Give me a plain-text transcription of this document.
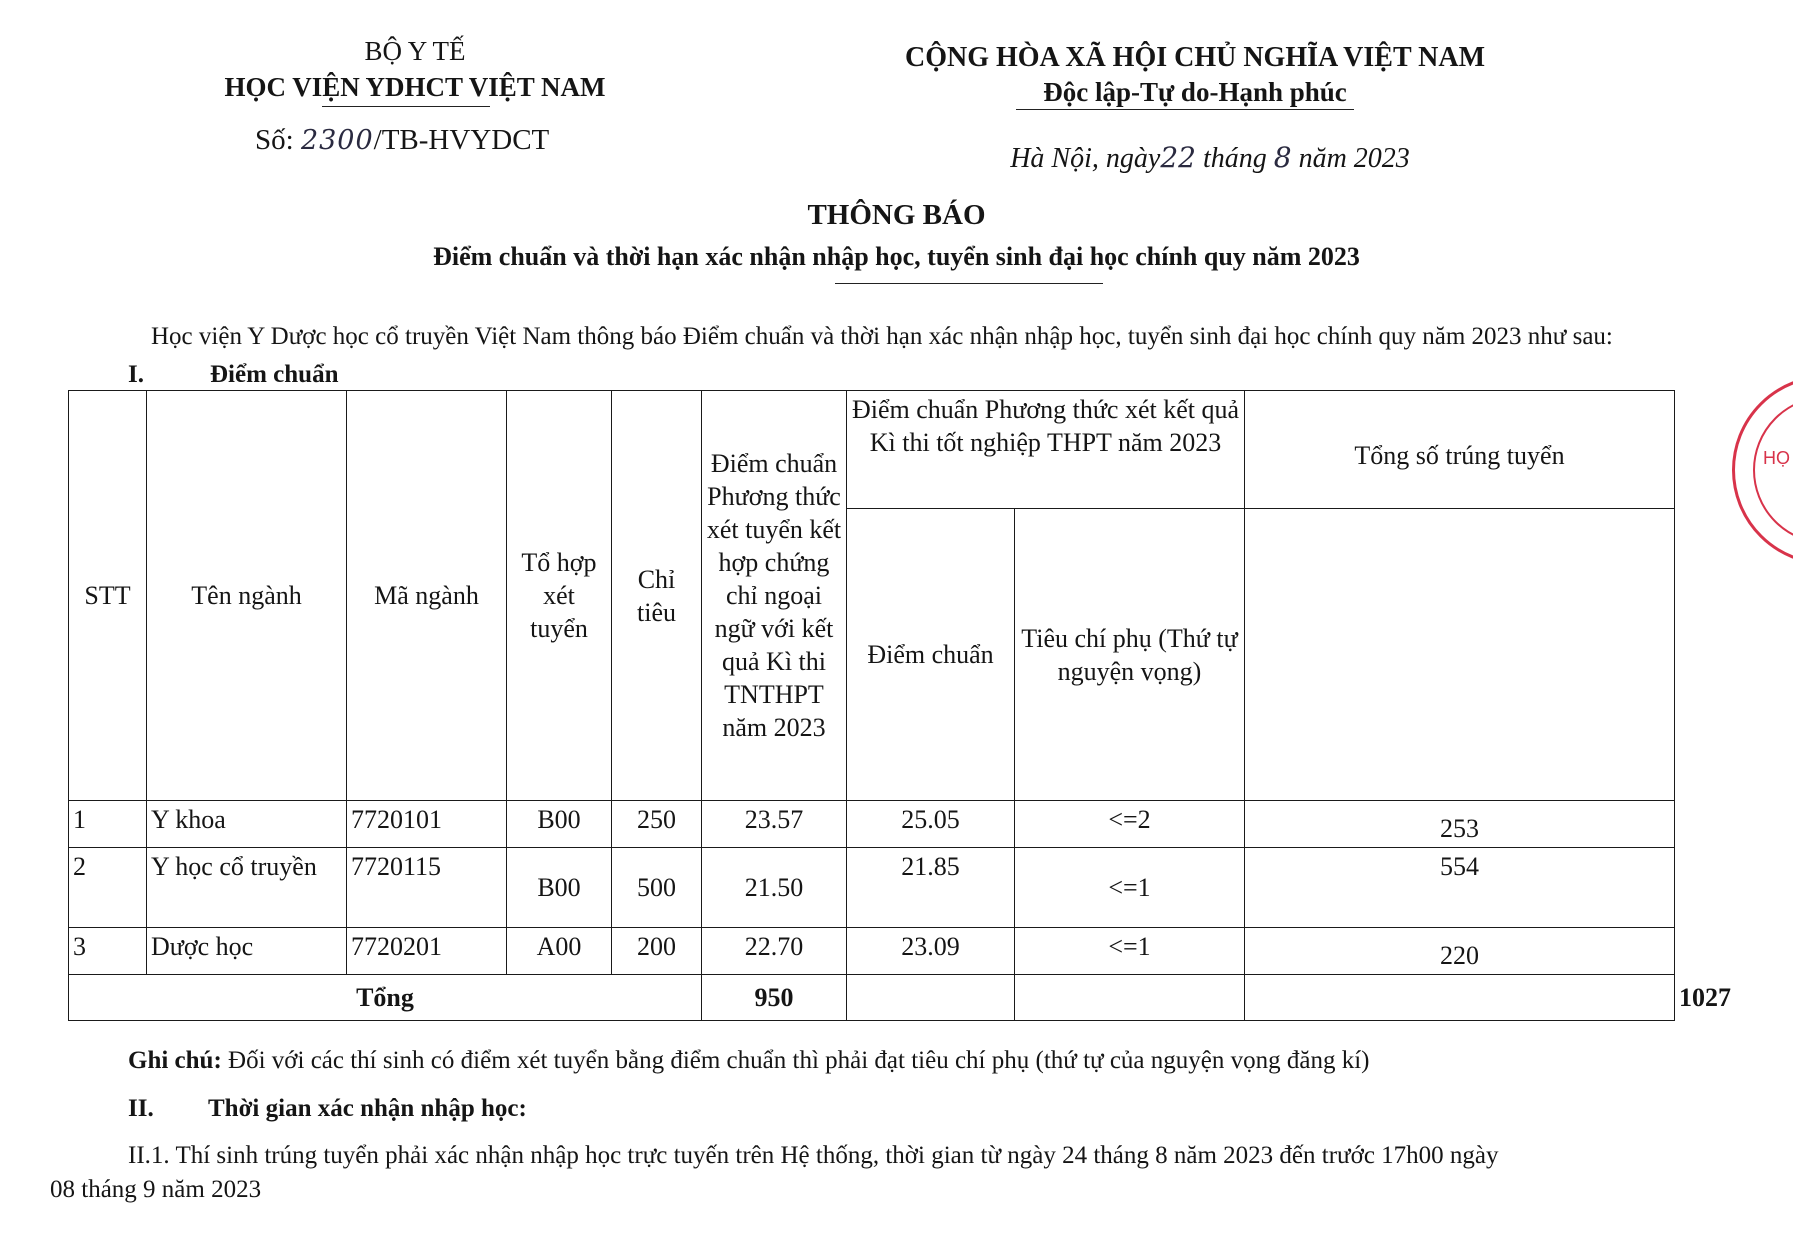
BỘ Y TẾ
HỌC VIỆN YDHCT VIỆT NAM
Số: 2300/TB-HVYDCT
CỘNG HÒA XÃ HỘI CHỦ NGHĨA VIỆT NAM
Độc lập-Tự do-Hạnh phúc
Hà Nội, ngày22 tháng 8 năm 2023
THÔNG BÁO
Điểm chuẩn và thời hạn xác nhận nhập học, tuyển sinh đại học chính quy năm 2023
Học viện Y Dược học cổ truyền Việt Nam thông báo Điểm chuẩn và thời hạn xác nhận nhập học, tuyển sinh đại học chính quy năm 2023 như sau:
I.	Điểm chuẩn
STT	Tên ngành	Mã ngành	Tổ hợp xét tuyển	Chỉ tiêu	Điểm chuẩn Phương thức xét tuyển kết hợp chứng chỉ ngoại ngữ với kết quả Kì thi TNTHPT năm 2023	Điểm chuẩn Phương thức xét kết quả Kì thi tốt nghiệp THPT năm 2023		Tổng số trúng tuyển	
						Điểm chuẩn	Tiêu chí phụ (Thứ tự nguyện vọng)		
1	Y khoa	7720101	B00	250	23.57	25.05	<=2	253	
2	Y học cổ truyền	7720115	B00	500	21.50	21.85	<=1	554	
3	Dược học	7720201	A00	200	22.70	23.09	<=1	220	
Tổng					950				1027
Ghi chú: Đối với các thí sinh có điểm xét tuyển bằng điểm chuẩn thì phải đạt tiêu chí phụ (thứ tự của nguyện vọng đăng kí)
II. Thời gian xác nhận nhập học:
II.1. Thí sinh trúng tuyển phải xác nhận nhập học trực tuyến trên Hệ thống, thời gian từ ngày 24 tháng 8 năm 2023 đến trước 17h00 ngày
08 tháng 9 năm 2023
HỌ
